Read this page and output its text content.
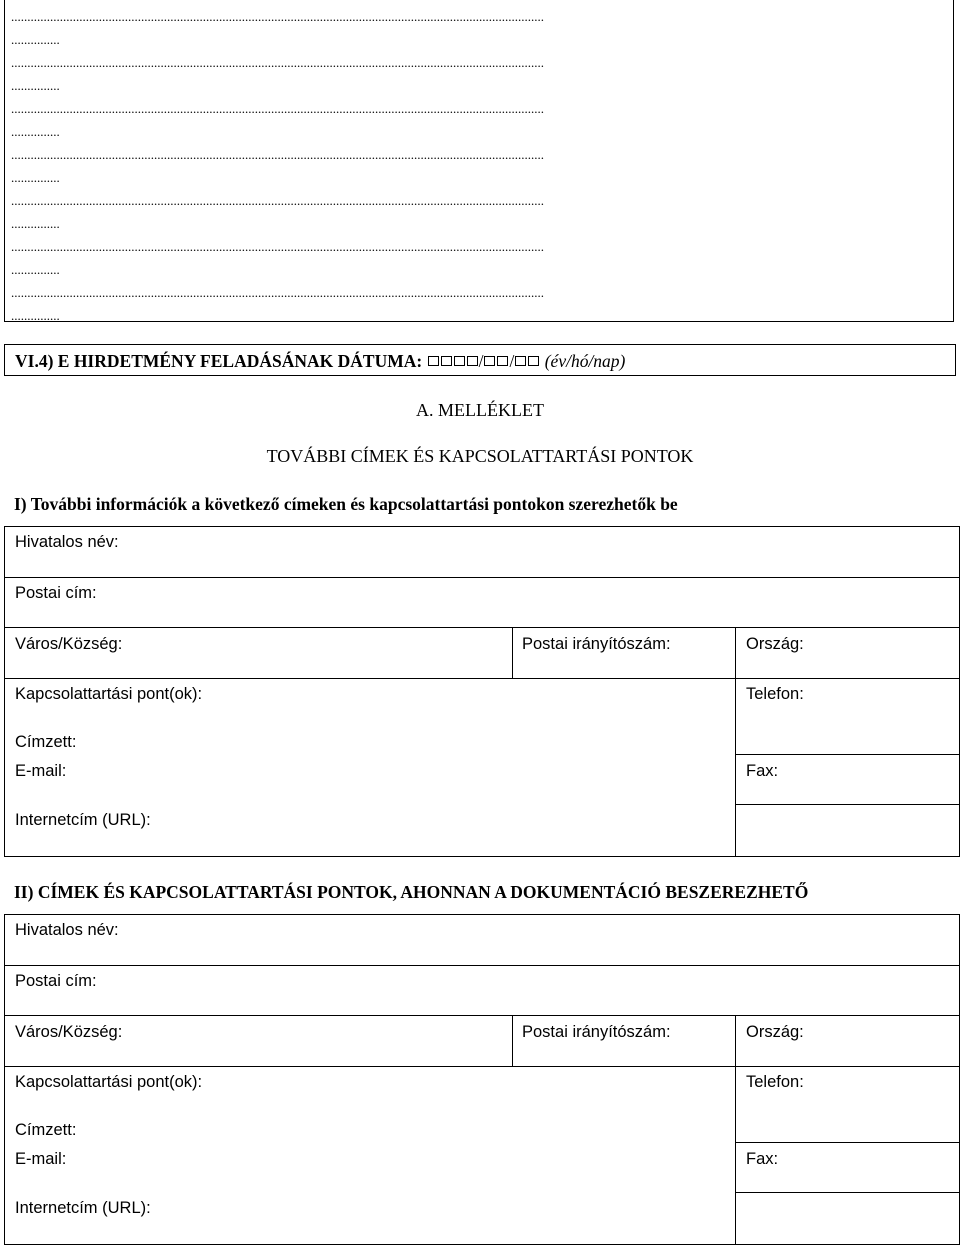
....................................................................................................................................................................
...............
....................................................................................................................................................................
...............
....................................................................................................................................................................
...............
....................................................................................................................................................................
...............
....................................................................................................................................................................
...............
....................................................................................................................................................................
...............
....................................................................................................................................................................
...............
VI.4) E HIRDETMÉNY FELADÁSÁNAK DÁTUMA:	/ / (év/hó/nap)
A. MELLÉKLET
TOVÁBBI CÍMEK ÉS KAPCSOLATTARTÁSI PONTOK
I) További információk a következő címeken és kapcsolattartási pontokon szerezhetők be
Hivatalos név:
Postai cím:
Város/Község:	Postai irányítószám:	Ország:
Kapcsolattartási pont(ok):	Telefon:
Címzett:
E-mail:	Fax:
Internetcím (URL):
II) CÍMEK ÉS KAPCSOLATTARTÁSI PONTOK, AHONNAN A DOKUMENTÁCIÓ BESZEREZHETŐ
Hivatalos név:
Postai cím:
Város/Község:	Postai irányítószám:	Ország:
Kapcsolattartási pont(ok):	Telefon:
Címzett:
E-mail:	Fax:
Internetcím (URL):
